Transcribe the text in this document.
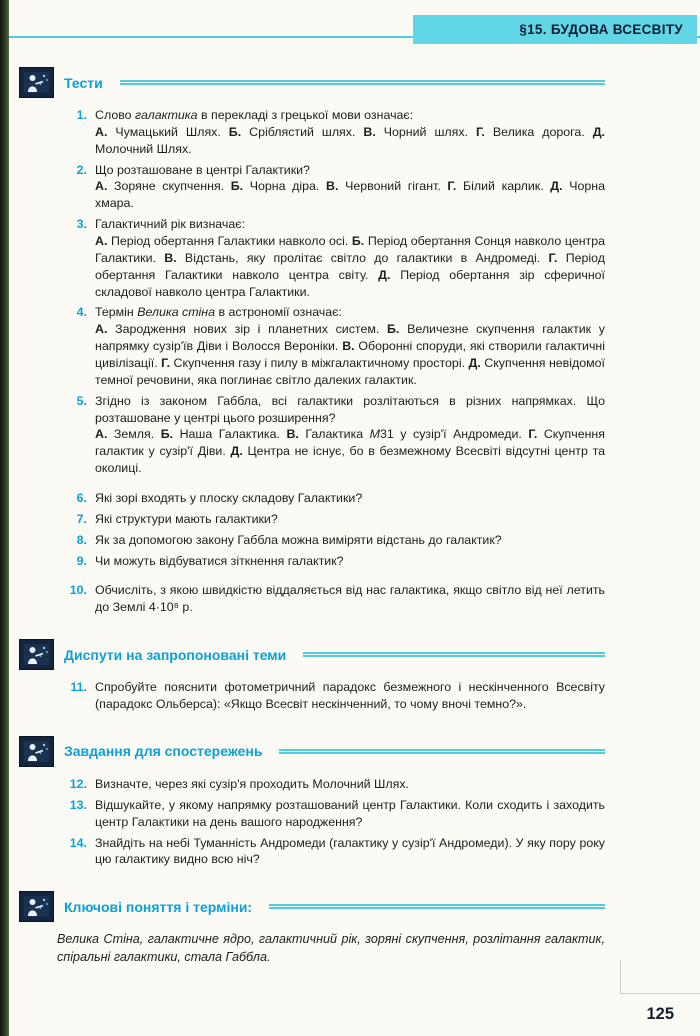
§15. БУДОВА ВСЕСВІТУ
Тести
1. Слово галактика в перекладі з грецької мови означає:
А. Чумацький Шлях. Б. Сріблястий шлях. В. Чорний шлях. Г. Велика дорога. Д. Молочний Шлях.
2. Що розташоване в центрі Галактики?
А. Зоряне скупчення. Б. Чорна діра. В. Червоний гігант. Г. Білий карлик. Д. Чорна хмара.
3. Галактичний рік визначає:
А. Період обертання Галактики навколо осі. Б. Період обертання Сонця навколо центра Галактики. В. Відстань, яку пролітає світло до галактики в Андромеді. Г. Період обертання Галактики навколо центра світу. Д. Період обертання зір сферичної складової навколо центра Галактики.
4. Термін Велика стіна в астрономії означає:
А. Зародження нових зір і планетних систем. Б. Величезне скупчення галактик у напрямку сузір'їв Діви і Волосся Вероніки. В. Оборонні споруди, які створили галактичні цивілізації. Г. Скупчення газу і пилу в міжгалактичному просторі. Д. Скупчення невідомої темної речовини, яка поглинає світло далеких галактик.
5. Згідно із законом Габбла, всі галактики розлітаються в різних напрямках. Що розташоване у центрі цього розширення?
А. Земля. Б. Наша Галактика. В. Галактика М31 у сузір'ї Андромеди. Г. Скупчення галактик у сузір'ї Діви. Д. Центра не існує, бо в безмежному Всесвіті відсутні центр та околиці.
6. Які зорі входять у плоску складову Галактики?
7. Які структури мають галактики?
8. Як за допомогою закону Габбла можна виміряти відстань до галактик?
9. Чи можуть відбуватися зіткнення галактик?
10. Обчисліть, з якою швидкістю віддаляється від нас галактика, якщо світло від неї летить до Землі 4·10⁸ р.
Диспути на запропоновані теми
11. Спробуйте пояснити фотометричний парадокс безмежного і нескінченного Всесвіту (парадокс Ольберса): «Якщо Всесвіт нескінченний, то чому вночі темно?».
Завдання для спостережень
12. Визначте, через які сузір'я проходить Молочний Шлях.
13. Відшукайте, у якому напрямку розташований центр Галактики. Коли сходить і заходить центр Галактики на день вашого народження?
14. Знайдіть на небі Туманність Андромеди (галактику у сузір'ї Андромеди). У яку пору року цю галактику видно всю ніч?
Ключові поняття і терміни:

Велика Стіна, галактичне ядро, галактичний рік, зоряні скупчення, розлітання галактик, спіральні галактики, стала Габбла.

125
